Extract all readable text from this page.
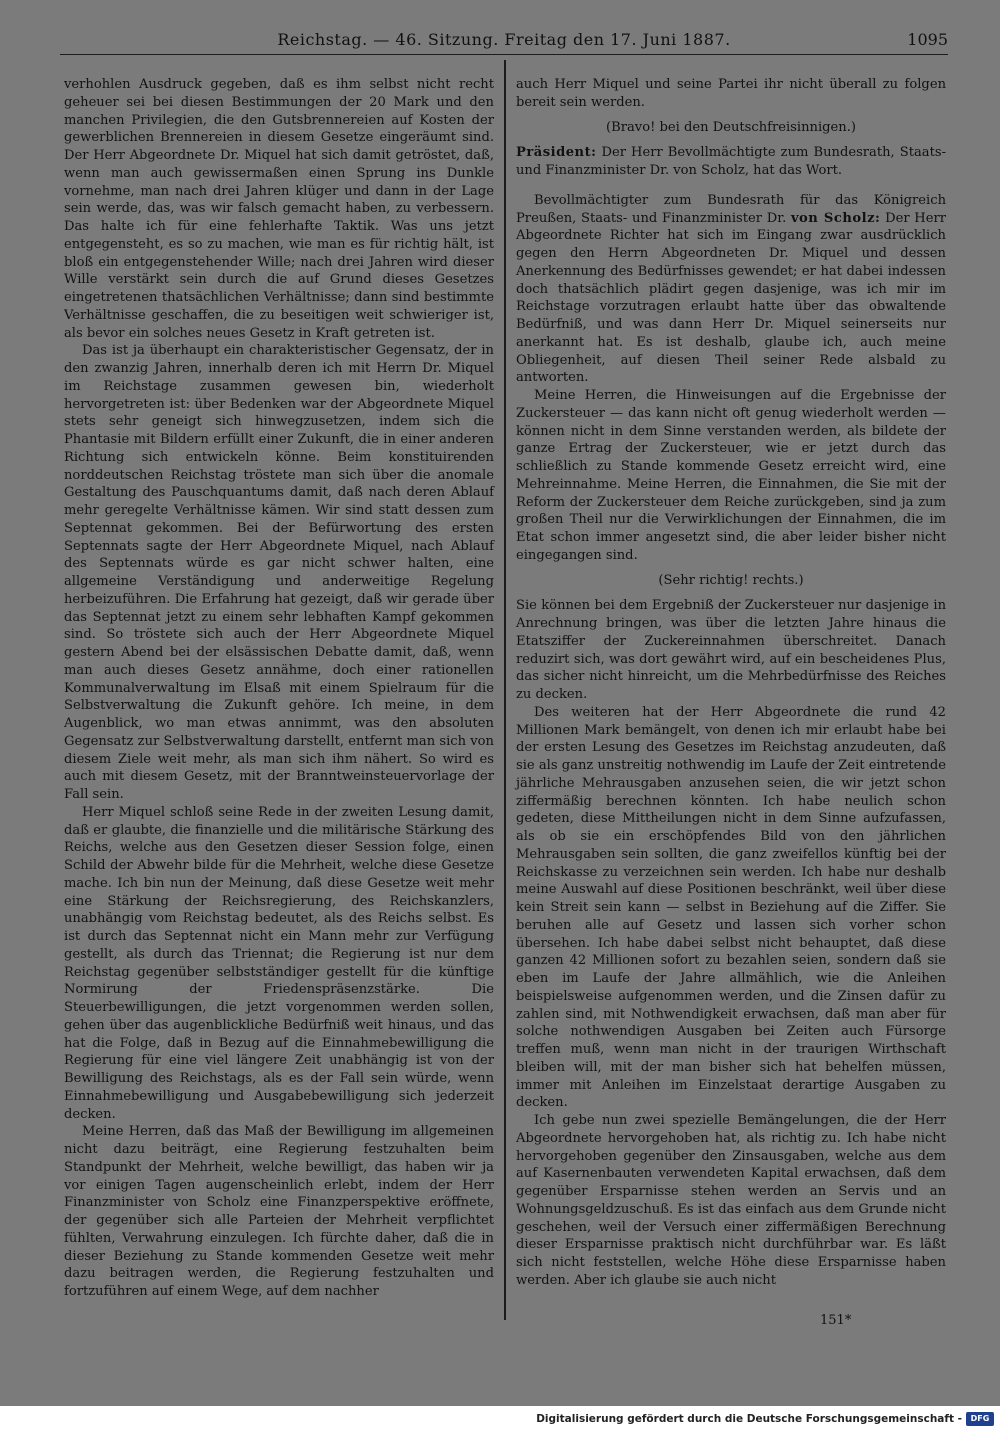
Reichstag. — 46. Sitzung. Freitag den 17. Juni 1887.	1095

verhohlen Ausdruck gegeben, daß es ihm selbst nicht recht geheuer sei bei diesen Bestimmungen der 20 Mark und den manchen Privilegien, die den Gutsbrennereien auf Kosten der gewerblichen Brennereien in diesem Gesetze eingeräumt sind. Der Herr Abgeordnete Dr. Miquel hat sich damit getröstet, daß, wenn man auch gewissermaßen einen Sprung ins Dunkle vornehme, man nach drei Jahren klüger und dann in der Lage sein werde, das, was wir falsch gemacht haben, zu verbessern. Das halte ich für eine fehlerhafte Taktik. Was uns jetzt entgegensteht, es so zu machen, wie man es für richtig hält, ist bloß ein entgegenstehender Wille; nach drei Jahren wird dieser Wille verstärkt sein durch die auf Grund dieses Gesetzes eingetretenen thatsächlichen Verhältnisse; dann sind bestimmte Verhältnisse geschaffen, die zu beseitigen weit schwieriger ist, als bevor ein solches neues Gesetz in Kraft getreten ist.

Das ist ja überhaupt ein charakteristischer Gegensatz, der in den zwanzig Jahren, innerhalb deren ich mit Herrn Dr. Miquel im Reichstage zusammen gewesen bin, wiederholt hervorgetreten ist: über Bedenken war der Abgeordnete Miquel stets sehr geneigt sich hinwegzusetzen, indem sich die Phantasie mit Bildern erfüllt einer Zukunft, die in einer anderen Richtung sich entwickeln könne. Beim konstituirenden norddeutschen Reichstag tröstete man sich über die anomale Gestaltung des Pauschquantums damit, daß nach deren Ablauf mehr geregelte Verhältnisse kämen. Wir sind statt dessen zum Septennat gekommen. Bei der Befürwortung des ersten Septennats sagte der Herr Abgeordnete Miquel, nach Ablauf des Septennats würde es gar nicht schwer halten, eine allgemeine Verständigung und anderweitige Regelung herbeizuführen. Die Erfahrung hat gezeigt, daß wir gerade über das Septennat jetzt zu einem sehr lebhaften Kampf gekommen sind. So tröstete sich auch der Herr Abgeordnete Miquel gestern Abend bei der elsässischen Debatte damit, daß, wenn man auch dieses Gesetz annähme, doch einer rationellen Kommunalverwaltung im Elsaß mit einem Spielraum für die Selbstverwaltung die Zukunft gehöre. Ich meine, in dem Augenblick, wo man etwas annimmt, was den absoluten Gegensatz zur Selbstverwaltung darstellt, entfernt man sich von diesem Ziele weit mehr, als man sich ihm nähert. So wird es auch mit diesem Gesetz, mit der Branntweinsteuervorlage der Fall sein.

Herr Miquel schloß seine Rede in der zweiten Lesung damit, daß er glaubte, die finanzielle und die militärische Stärkung des Reichs, welche aus den Gesetzen dieser Session folge, einen Schild der Abwehr bilde für die Mehrheit, welche diese Gesetze mache. Ich bin nun der Meinung, daß diese Gesetze weit mehr eine Stärkung der Reichsregierung, des Reichskanzlers, unabhängig vom Reichstag bedeutet, als des Reichs selbst. Es ist durch das Septennat nicht ein Mann mehr zur Verfügung gestellt, als durch das Triennat; die Regierung ist nur dem Reichstag gegenüber selbstständiger gestellt für die künftige Normirung der Friedenspräsenzstärke. Die Steuerbewilligungen, die jetzt vorgenommen werden sollen, gehen über das augenblickliche Bedürfniß weit hinaus, und das hat die Folge, daß in Bezug auf die Einnahmebewilligung die Regierung für eine viel längere Zeit unabhängig ist von der Bewilligung des Reichstags, als es der Fall sein würde, wenn Einnahmebewilligung und Ausgabebewilligung sich jederzeit decken.

Meine Herren, daß das Maß der Bewilligung im allgemeinen nicht dazu beiträgt, eine Regierung festzuhalten beim Standpunkt der Mehrheit, welche bewilligt, das haben wir ja vor einigen Tagen augenscheinlich erlebt, indem der Herr Finanzminister von Scholz eine Finanzperspektive eröffnete, der gegenüber sich alle Parteien der Mehrheit verpflichtet fühlten, Verwahrung einzulegen. Ich fürchte daher, daß die in dieser Beziehung zu Stande kommenden Gesetze weit mehr dazu beitragen werden, die Regierung festzuhalten und fortzuführen auf einem Wege, auf dem nachher

auch Herr Miquel und seine Partei ihr nicht überall zu folgen bereit sein werden.

(Bravo! bei den Deutschfreisinnigen.)

Präsident: Der Herr Bevollmächtigte zum Bundesrath, Staats- und Finanzminister Dr. von Scholz, hat das Wort.

Bevollmächtigter zum Bundesrath für das Königreich Preußen, Staats- und Finanzminister Dr. von Scholz: Der Herr Abgeordnete Richter hat sich im Eingang zwar ausdrücklich gegen den Herrn Abgeordneten Dr. Miquel und dessen Anerkennung des Bedürfnisses gewendet; er hat dabei indessen doch thatsächlich plädirt gegen dasjenige, was ich mir im Reichstage vorzutragen erlaubt hatte über das obwaltende Bedürfniß, und was dann Herr Dr. Miquel seinerseits nur anerkannt hat. Es ist deshalb, glaube ich, auch meine Obliegenheit, auf diesen Theil seiner Rede alsbald zu antworten.

Meine Herren, die Hinweisungen auf die Ergebnisse der Zuckersteuer — das kann nicht oft genug wiederholt werden — können nicht in dem Sinne verstanden werden, als bildete der ganze Ertrag der Zuckersteuer, wie er jetzt durch das schließlich zu Stande kommende Gesetz erreicht wird, eine Mehreinnahme. Meine Herren, die Einnahmen, die Sie mit der Reform der Zuckersteuer dem Reiche zurückgeben, sind ja zum großen Theil nur die Verwirklichungen der Einnahmen, die im Etat schon immer angesetzt sind, die aber leider bisher nicht eingegangen sind.

(Sehr richtig! rechts.)

Sie können bei dem Ergebniß der Zuckersteuer nur dasjenige in Anrechnung bringen, was über die letzten Jahre hinaus die Etatsziffer der Zuckereinnahmen überschreitet. Danach reduzirt sich, was dort gewährt wird, auf ein bescheidenes Plus, das sicher nicht hinreicht, um die Mehrbedürfnisse des Reiches zu decken.

Des weiteren hat der Herr Abgeordnete die rund 42 Millionen Mark bemängelt, von denen ich mir erlaubt habe bei der ersten Lesung des Gesetzes im Reichstag anzudeuten, daß sie als ganz unstreitig nothwendig im Laufe der Zeit eintretende jährliche Mehrausgaben anzusehen seien, die wir jetzt schon ziffermäßig berechnen könnten. Ich habe neulich schon gedeten, diese Mittheilungen nicht in dem Sinne aufzufassen, als ob sie ein erschöpfendes Bild von den jährlichen Mehrausgaben sein sollten, die ganz zweifellos künftig bei der Reichskasse zu verzeichnen sein werden. Ich habe nur deshalb meine Auswahl auf diese Positionen beschränkt, weil über diese kein Streit sein kann — selbst in Beziehung auf die Ziffer. Sie beruhen alle auf Gesetz und lassen sich vorher schon übersehen. Ich habe dabei selbst nicht behauptet, daß diese ganzen 42 Millionen sofort zu bezahlen seien, sondern daß sie eben im Laufe der Jahre allmählich, wie die Anleihen beispielsweise aufgenommen werden, und die Zinsen dafür zu zahlen sind, mit Nothwendigkeit erwachsen, daß man aber für solche nothwendigen Ausgaben bei Zeiten auch Fürsorge treffen muß, wenn man nicht in der traurigen Wirthschaft bleiben will, mit der man bisher sich hat behelfen müssen, immer mit Anleihen im Einzelstaat derartige Ausgaben zu decken.

Ich gebe nun zwei spezielle Bemängelungen, die der Herr Abgeordnete hervorgehoben hat, als richtig zu. Ich habe nicht hervorgehoben gegenüber den Zinsausgaben, welche aus dem auf Kasernenbauten verwendeten Kapital erwachsen, daß dem gegenüber Ersparnisse stehen werden an Servis und an Wohnungsgeldzuschuß. Es ist das einfach aus dem Grunde nicht geschehen, weil der Versuch einer ziffermäßigen Berechnung dieser Ersparnisse praktisch nicht durchführbar war. Es läßt sich nicht feststellen, welche Höhe diese Ersparnisse haben werden. Aber ich glaube sie auch nicht

151*
Digitalisierung gefördert durch die Deutsche Forschungsgemeinschaft -	DFG
